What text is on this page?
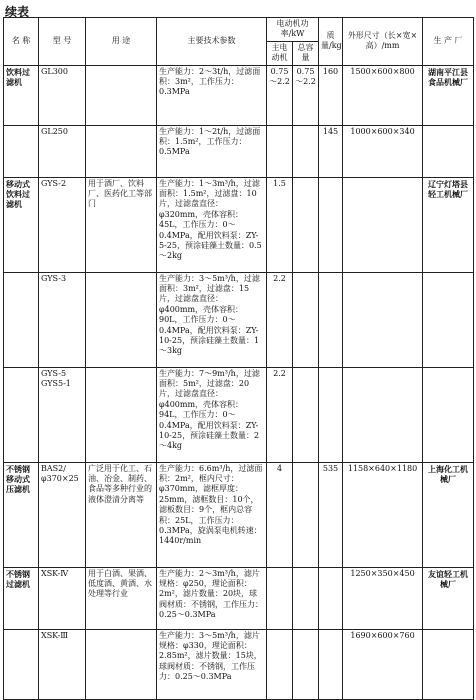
续表
名 称	型 号	用 途	主要技术参数	电动机功率/kW		质量/kg	外形尺寸（长×宽×高）/mm	生 产 厂
				主电动机	总容量			
饮料过滤机	GL300		生产能力：2～3t/h，过滤面积：3m²，工作压力：0.3MPa	0.75～2.2	0.75～2.2	160	1500×600×800	湖南平江县食品机械厂
	GL250		生产能力：1～2t/h，过滤面积：1.5m²，工作压力：0.5MPa			145	1000×600×340	
移动式饮料过滤机	GYS-2	用于酒厂、饮料厂、医药化工等部门	生产能力：1～3m³/h，过滤面积：1.5m²，过滤盘：10片，过滤盘直径：φ320mm，壳体容积：45L，工作压力：0～0.4MPa，配用饮料泵：ZY-5-25，预涂硅藻土数量：0.5～2kg	1.5				辽宁灯塔县轻工机械厂
	GYS-3		生产能力：3～5m³/h，过滤面积：3m²，过滤盘：15片，过滤盘直径：φ400mm，壳体容积：90L，工作压力：0～0.4MPa，配用饮料泵：ZY-10-25，预涂硅藻土数量：1～3kg	2.2				
	GYS-5 GYS5-1		生产能力：7～9m³/h，过滤面积：5m²，过滤盘：20片，过滤盘直径：φ400mm，壳体容积：94L，工作压力：0～0.4MPa，配用饮料泵：ZY-10-25，预涂硅藻土数量：2～4kg	2.2				
不锈钢移动式压滤机	BAS2/φ370×25	广泛用于化工、石油、冶金、制药、食品等多种行业的液体澄清分离等	生产能力：6.6m³/h，过滤面积：2m²，框内尺寸：φ370mm，滤框厚度：25mm，滤框数目：10个，滤板数目：9个，框内总容积：25L，工作压力：0.3MPa，旋涡泵电机转速：1440r/min	4		535	1158×640×1180	上海化工机械厂
不锈钢过滤机	XSK-Ⅳ	用于白酒、果酒、低度酒、黄酒、水处理等行业	生产能力：2～3m³/h，滤片规格：φ250，理论面积：2m²，滤片数量：20块，球阀材质：不锈钢，工作压力：0.25～0.3MPa				1250×350×450	友谊轻工机械厂
	XSK-Ⅲ		生产能力：3～5m³/h，滤片规格：φ330，理论面积：2.85m²，滤片数量：15块，球阀材质：不锈钢，工作压力：0.25～0.3MPa				1690×600×760	
